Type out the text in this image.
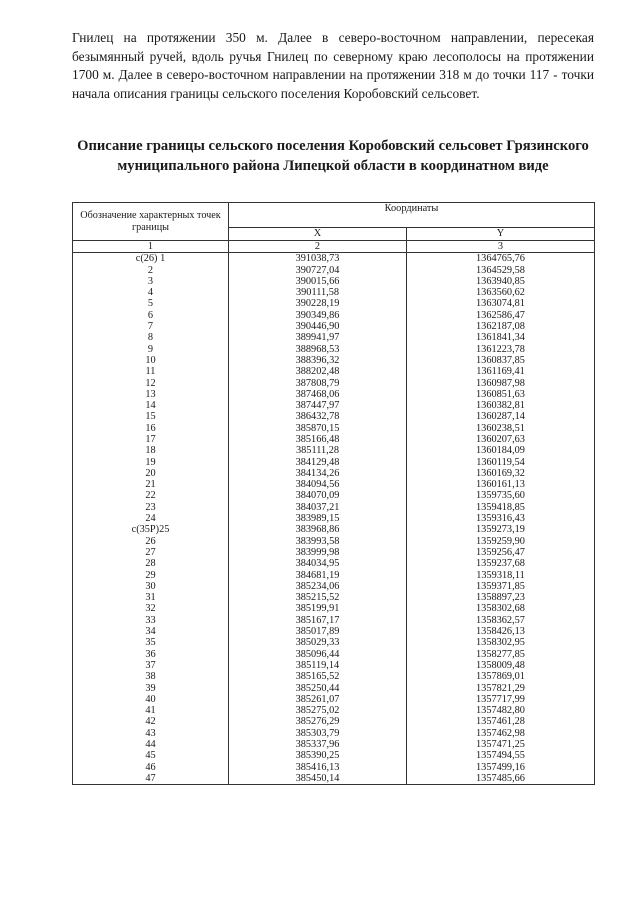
Гнилец на протяжении 350 м. Далее в северо-восточном направлении, пересекая безымянный ручей, вдоль ручья Гнилец по северному краю лесополосы на протяжении 1700 м. Далее в северо-восточном направлении на протяжении 318 м до точки 117 - точки начала описания границы сельского поселения Коробовский сельсовет.

Описание границы сельского поселения Коробовский сельсовет Грязинского муниципального района Липецкой области в координатном виде

Обозначение характерных точек границы	Координаты	
	X	Y
1	2	3
с(26) 1	391038,73	1364765,76
2	390727,04	1364529,58
3	390015,66	1363940,85
4	390111,58	1363560,62
5	390228,19	1363074,81
6	390349,86	1362586,47
7	390446,90	1362187,08
8	389941,97	1361841,34
9	388968,53	1361223,78
10	388396,32	1360837,85
11	388202,48	1361169,41
12	387808,79	1360987,98
13	387468,06	1360851,63
14	387447,97	1360382,81
15	386432,78	1360287,14
16	385870,15	1360238,51
17	385166,48	1360207,63
18	385111,28	1360184,09
19	384129,48	1360119,54
20	384134,26	1360169,32
21	384094,56	1360161,13
22	384070,09	1359735,60
23	384037,21	1359418,85
24	383989,15	1359316,43
с(35Р)25	383968,86	1359273,19
26	383993,58	1359259,90
27	383999,98	1359256,47
28	384034,95	1359237,68
29	384681,19	1359318,11
30	385234,06	1359371,85
31	385215,52	1358897,23
32	385199,91	1358302,68
33	385167,17	1358362,57
34	385017,89	1358426,13
35	385029,33	1358302,95
36	385096,44	1358277,85
37	385119,14	1358009,48
38	385165,52	1357869,01
39	385250,44	1357821,29
40	385261,07	1357717,99
41	385275,02	1357482,80
42	385276,29	1357461,28
43	385303,79	1357462,98
44	385337,96	1357471,25
45	385390,25	1357494,55
46	385416,13	1357499,16
47	385450,14	1357485,66
